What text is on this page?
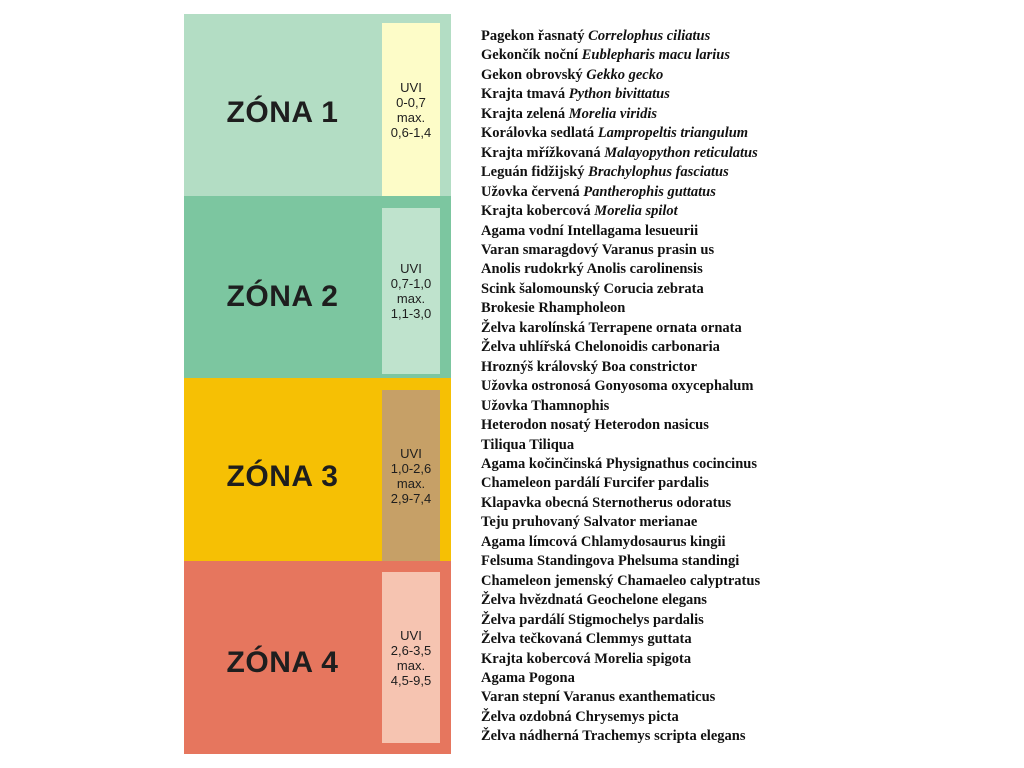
ZÓNA 1
UVI
0-0,7
max.
0,6-1,4
ZÓNA 2
UVI
0,7-1,0
max.
1,1-3,0
ZÓNA 3
UVI
1,0-2,6
max.
2,9-7,4
ZÓNA 4
UVI
2,6-3,5
max.
4,5-9,5
Pagekon řasnatý Correlophus ciliatus
Gekončík noční Eublepharis macu larius
Gekon obrovský Gekko gecko
Krajta tmavá Python bivittatus
Krajta zelená Morelia viridis
Korálovka sedlatá Lampropeltis triangulum
Krajta mřížkovaná Malayopython reticulatus
Leguán fidžijský Brachylophus fasciatus
Užovka červená Pantherophis guttatus
Krajta kobercová Morelia spilot
Agama vodní Intellagama lesueurii
Varan smaragdový Varanus prasin us
Anolis rudokrký Anolis carolinensis
Scink šalomounský Corucia zebrata
Brokesie Rhampholeon
Želva karolínská Terrapene ornata ornata
Želva uhlířská Chelonoidis carbonaria
Hroznýš královský Boa constrictor
Užovka ostronosá Gonyosoma oxycephalum
Užovka Thamnophis
Heterodon nosatý Heterodon nasicus
Tiliqua Tiliqua
Agama kočinčinská Physignathus cocincinus
Chameleon pardálí Furcifer pardalis
Klapavka obecná Sternotherus odoratus
Teju pruhovaný Salvator merianae
Agama límcová Chlamydosaurus kingii
Felsuma Standingova Phelsuma standingi
Chameleon jemenský Chamaeleo calyptratus
Želva hvězdnatá Geochelone elegans
Želva pardálí Stigmochelys pardalis
Želva tečkovaná Clemmys guttata
Krajta kobercová Morelia spigota
Agama Pogona
Varan stepní Varanus exanthematicus
Želva ozdobná Chrysemys picta
Želva nádherná Trachemys scripta elegans
